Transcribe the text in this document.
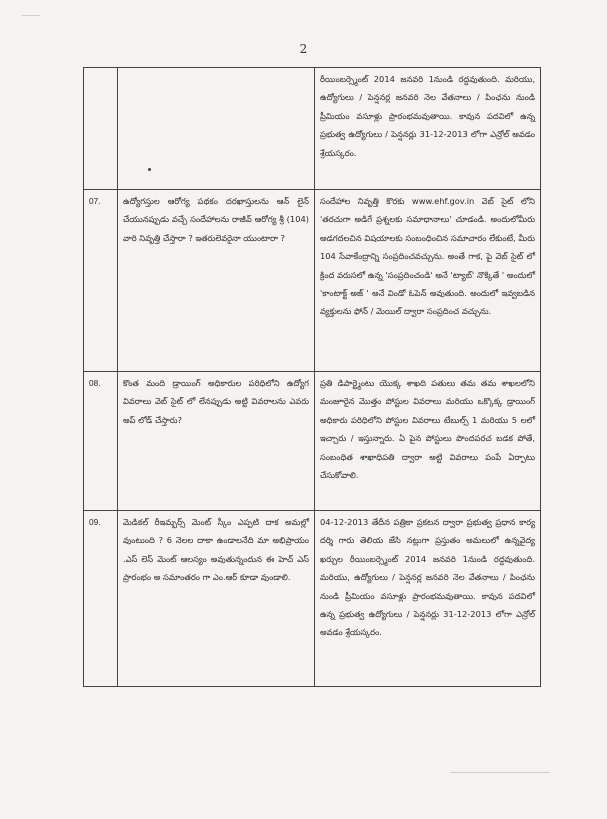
2
		రీయింబర్స్మెంట్ 2014 జనవరి 1నుండి రద్దవుతుంది. మరియు, ఉద్యోగులు / పెన్షనర్ల జనవరి నెల వేతనాలు / పింఛను నుండి ప్రీమియం వసూళ్లు ప్రారంభమవుతాయి. కావున పదవిలో ఉన్న ప్రభుత్వ ఉద్యోగులు / పెన్షనర్లు 31-12-2013 లోగా ఎన్రోల్ అవడం శ్రేయస్కరం.
07.	ఉద్యోగస్తుల ఆరోగ్య పథకం దరఖాస్తులను ఆన్ లైన్ చేయునప్పుడు వచ్చే సందేహాలను రాజీవ్ ఆరోగ్య శ్రీ (104) వారి నివృత్తి చేస్తారా ? ఇతరులెవరైనా యుంటారా ?	సందేహాల నివృత్తి కొరకు www.ehf.gov.in వెబ్ సైట్ లోని 'తరచుగా అడిగే ప్రశ్నలకు సమాధానాలు' చూడండి. అందులోమీరు అడగదలచిన విషయాలకు సంబంధించిన సమాచారం లేకుంటే, మీరు 104 సేవాకేంద్రాన్ని సంప్రదించవచ్చును. అంతే గాక, పై వెబ్ సైట్ లో క్రింద వరుసలో ఉన్న 'సంప్రదించండి' అనే 'ట్యాబ్' నొక్కితే ' అందులో 'కాంటాక్ట్ అజ్ ' అనే విండో ఓపెన్ అవుతుంది. అందులో ఇవ్వబడిన వ్యక్తులను ఫోన్ / మెయిల్ ద్వారా సంప్రదించ వచ్చును.
08.	కొంత మంది డ్రాయింగ్ అధికారుల పరిధిలోని ఉద్యోగ వివరాలు వెబ్ సైట్ లో లేనప్పుడు అట్టి వివరాలను ఎవరు అప్ లోడ్ చేస్తారు?	ప్రతి డిపార్ట్మెంటు యొక్క శాఖది పతులు తమ తమ శాఖలలోని మంజూరైన మొత్తం పోస్టుల వివరాలు మరియు ఒక్కొక్క డ్రాయింగ్ అధికారు పరిధిలోని పోస్టుల వివరాలు టేబుల్స్ 1 మరియు 5 లలో ఇచ్చారు / ఇస్తున్నారు. ఏ పైన పోస్టులు పొందపరచ బడక పోతే, సంబంధిత శాఖాధిపతి ద్వారా అట్టి వివరాలు పంపే ఏర్పాటు చేసుకోవాలి.
09.	మెడికల్ రీఇమ్బర్స్ మెంట్ స్కీం ఎప్పటి దాక అమల్లో వుంటుంది ? 6 నెలల దాకా ఉండాలనేది మా అభిప్రాయం .ఎస్ లెస్ మెంట్ ఆలస్యం అవుతున్నందున ఈ హెచ్ ఎస్ ప్రారంభం అ సమాంతరం గా ఎం.ఆర్ కూడా వుండాలి.	04-12-2013 తేదీన పత్రికా ప్రకటన ద్వారా ప్రభుత్వ ప్రధాన కార్య దర్శి గారు తెలియ జేసి నట్లుగా ప్రస్తుతం అమలులో ఉన్నవైద్య ఖర్చుల రీయింబర్స్మెంట్ 2014 జనవరి 1నుండి రద్దవుతుంది. మరియు, ఉద్యోగులు / పెన్షనర్ల జనవరి నెల వేతనాలు / పింఛను నుండి ప్రీమియం వసూళ్లు ప్రారంభమవుతాయి. కావున పదవిలో ఉన్న ప్రభుత్వ ఉద్యోగులు / పెన్షనర్లు 31-12-2013 లోగా ఎన్రోల్ అవడం శ్రేయస్కరం.
